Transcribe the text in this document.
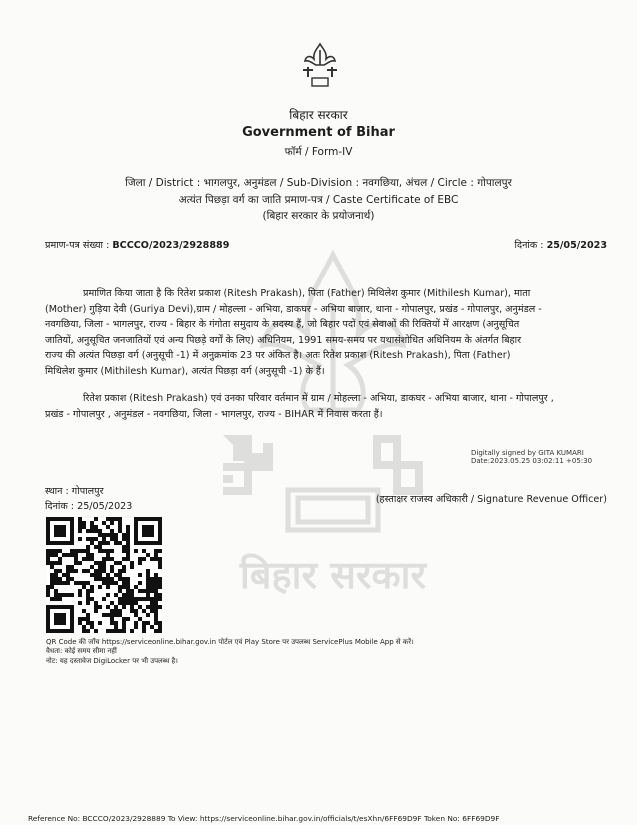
बिहार सरकार
बिहार सरकार
Government of Bihar
फॉर्म / Form-IV
जिला / District : भागलपुर, अनुमंडल / Sub-Division : नवगछिया, अंचल / Circle : गोपालपुर
अत्यंत पिछड़ा वर्ग का जाति प्रमाण-पत्र / Caste Certificate of EBC
(बिहार सरकार के प्रयोजनार्थ)
प्रमाण-पत्र संख्या : BCCCO/2023/2928889	दिनांक : 25/05/2023
प्रमाणित किया जाता है कि रितेश प्रकाश (Ritesh Prakash), पिता (Father) मिथिलेश कुमार (Mithilesh Kumar), माता
(Mother) गुड़िया देवी (Guriya Devi),ग्राम / मोहल्ला - अभिया, डाकघर - अभिया बाजार, थाना - गोपालपुर, प्रखंड - गोपालपुर, अनुमंडल -
नवगछिया, जिला - भागलपुर, राज्य - बिहार के गंगोता समुदाय के सदस्य हैं, जो बिहार पदों एवं सेवाओं की रिक्तियों में आरक्षण (अनुसूचित
जातियों, अनुसूचित जनजातियों एवं अन्य पिछड़े वर्गों के लिए) अधिनियम, 1991 समय-समय पर यथासंशोधित अधिनियम के अंतर्गत बिहार
राज्य की अत्यंत पिछड़ा वर्ग (अनुसूची -1) में अनुक्रमांक 23 पर अंकित है। अतः रितेश प्रकाश (Ritesh Prakash), पिता (Father)
मिथिलेश कुमार (Mithilesh Kumar), अत्यंत पिछड़ा वर्ग (अनुसूची -1) के हैं।
रितेश प्रकाश (Ritesh Prakash) एवं उनका परिवार वर्तमान में ग्राम / मोहल्ला - अभिया, डाकघर - अभिया बाजार, थाना - गोपालपुर ,
प्रखंड - गोपालपुर , अनुमंडल - नवगछिया, जिला - भागलपुर, राज्य - BIHAR में निवास करता हैं।
Digitally signed by GITA KUMARI
Date:2023.05.25 03:02:11 +05:30
स्थान : गोपालपुर
दिनांक : 25/05/2023
(हस्ताक्षर राजस्व अधिकारी / Signature Revenue Officer)
QR Code की जाँच https://serviceonline.bihar.gov.in पोर्टल एवं Play Store पर उपलब्ध ServicePlus Mobile App से करें।
वैधता: कोई समय सीमा नहीं
नोट: यह दस्तावेज DigiLocker पर भी उपलब्ध है।
Reference No: BCCCO/2023/2928889 To View: https://serviceonline.bihar.gov.in/officials/t/esXhn/6FF69D9F Token No: 6FF69D9F
